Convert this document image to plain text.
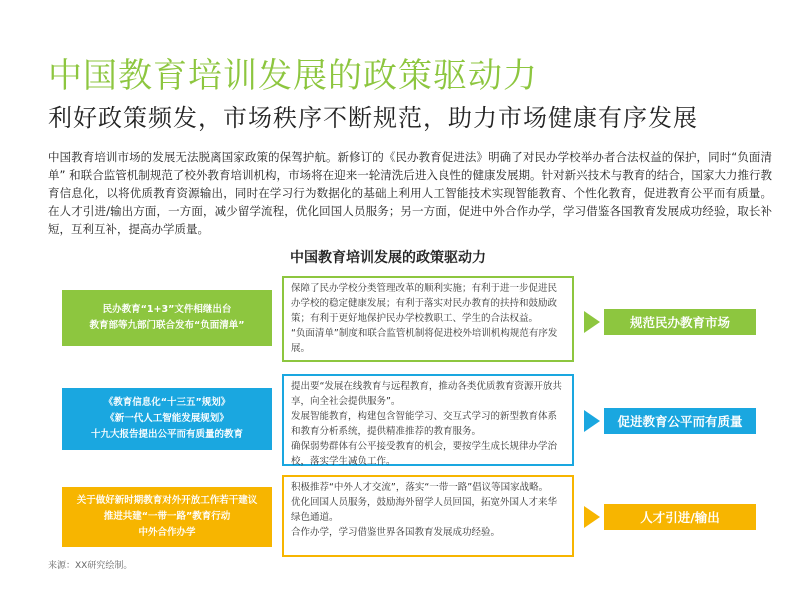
中国教育培训发展的政策驱动力
利好政策频发，市场秩序不断规范，助力市场健康有序发展
中国教育培训市场的发展无法脱离国家政策的保驾护航。新修订的《民办教育促进法》明确了对民办学校举办者合法权益的保护，同时“负面清单” 和联合监管机制规范了校外教育培训机构，市场将在迎来一轮清洗后进入良性的健康发展期。针对新兴技术与教育的结合，国家大力推行教育信息化，以将优质教育资源输出，同时在学习行为数据化的基础上利用人工智能技术实现智能教育、个性化教育，促进教育公平而有质量。在人才引进/输出方面，一方面，减少留学流程，优化回国人员服务；另一方面，促进中外合作办学，学习借鉴各国教育发展成功经验，取长补短，互利互补，提高办学质量。
中国教育培训发展的政策驱动力
民办教育“1+3”文件相继出台
教育部等九部门联合发布“负面清单”
保障了民办学校分类管理改革的顺利实施；有利于进一步促进民办学校的稳定健康发展；有利于落实对民办教育的扶持和鼓励政策；有利于更好地保护民办学校教职工、学生的合法权益。
“负面清单”制度和联合监管机制将促进校外培训机构规范有序发展。
规范民办教育市场
《教育信息化“十三五”规划》
《新一代人工智能发展规划》
十九大报告提出公平而有质量的教育
提出要“发展在线教育与远程教育，推动各类优质教育资源开放共享，向全社会提供服务”。
发展智能教育，构建包含智能学习、交互式学习的新型教育体系和教育分析系统，提供精准推荐的教育服务。
确保弱势群体有公平接受教育的机会，要按学生成长规律办学治校，落实学生减负工作。
促进教育公平而有质量
关于做好新时期教育对外开放工作若干建议
推进共建“一带一路”教育行动
中外合作办学
积极推荐“中外人才交流”，落实“一带一路”倡议等国家战略。
优化回国人员服务，鼓励海外留学人员回国，拓宽外国人才来华绿色通道。
合作办学，学习借鉴世界各国教育发展成功经验。
人才引进/输出
来源：XX研究绘制。
